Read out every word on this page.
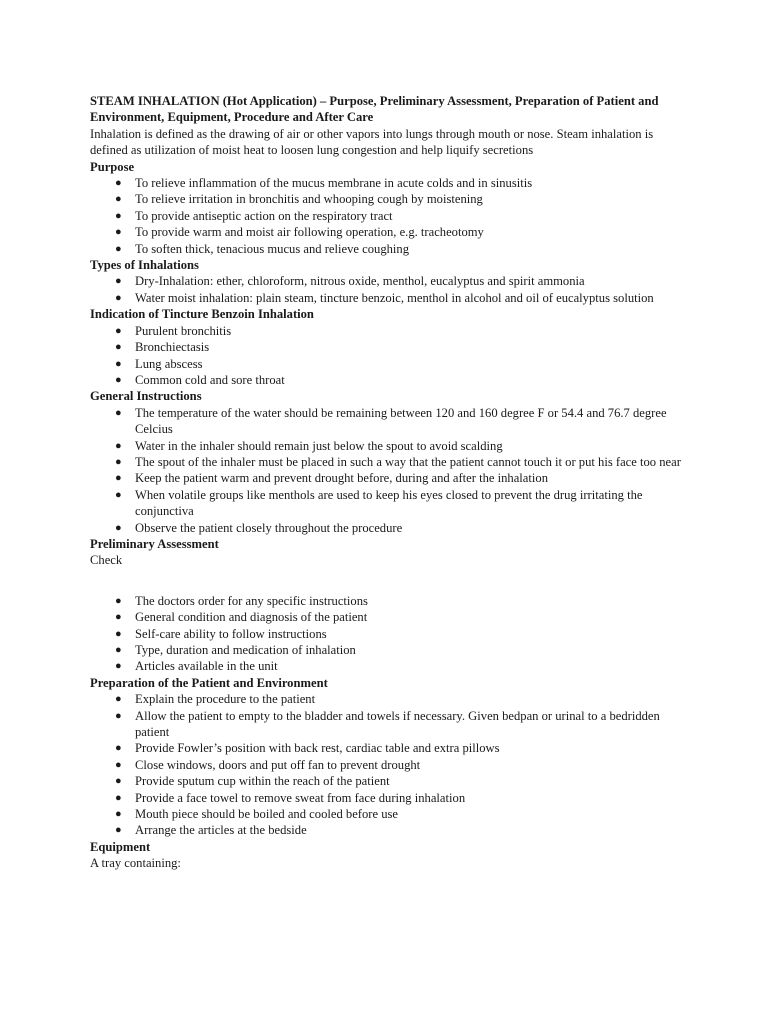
STEAM INHALATION (Hot Application) – Purpose, Preliminary Assessment, Preparation of Patient and Environment, Equipment, Procedure and After Care

Inhalation is defined as the drawing of air or other vapors into lungs through mouth or nose. Steam inhalation is defined as utilization of moist heat to loosen lung congestion and help liquify secretions

Purpose

● To relieve inflammation of the mucus membrane in acute colds and in sinusitis
● To relieve irritation in bronchitis and whooping cough by moistening
● To provide antiseptic action on the respiratory tract
● To provide warm and moist air following operation, e.g. tracheotomy
● To soften thick, tenacious mucus and relieve coughing

Types of Inhalations

● Dry-Inhalation: ether, chloroform, nitrous oxide, menthol, eucalyptus and spirit ammonia
● Water moist inhalation: plain steam, tincture benzoic, menthol in alcohol and oil of eucalyptus solution

Indication of Tincture Benzoin Inhalation

● Purulent bronchitis
● Bronchiectasis
● Lung abscess
● Common cold and sore throat

General Instructions

● The temperature of the water should be remaining between 120 and 160 degree F or 54.4 and 76.7 degree Celcius
● Water in the inhaler should remain just below the spout to avoid scalding
● The spout of the inhaler must be placed in such a way that the patient cannot touch it or put his face too near
● Keep the patient warm and prevent drought before, during and after the inhalation
● When volatile groups like menthols are used to keep his eyes closed to prevent the drug irritating the conjunctiva
● Observe the patient closely throughout the procedure

Preliminary Assessment

Check

● The doctors order for any specific instructions
● General condition and diagnosis of the patient
● Self-care ability to follow instructions
● Type, duration and medication of inhalation
● Articles available in the unit

Preparation of the Patient and Environment

● Explain the procedure to the patient
● Allow the patient to empty to the bladder and towels if necessary. Given bedpan or urinal to a bedridden patient
● Provide Fowler’s position with back rest, cardiac table and extra pillows
● Close windows, doors and put off fan to prevent drought
● Provide sputum cup within the reach of the patient
● Provide a face towel to remove sweat from face during inhalation
● Mouth piece should be boiled and cooled before use
● Arrange the articles at the bedside

Equipment

A tray containing:
